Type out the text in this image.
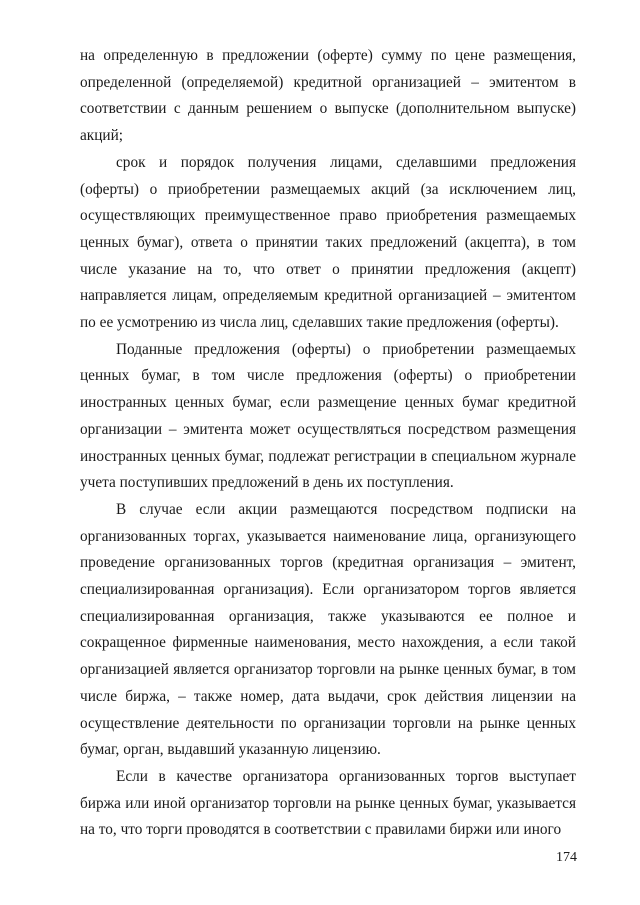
на определенную в предложении (оферте) сумму по цене размещения, определенной (определяемой) кредитной организацией – эмитентом в соответствии с данным решением о выпуске (дополнительном выпуске) акций;

срок и порядок получения лицами, сделавшими предложения (оферты) о приобретении размещаемых акций (за исключением лиц, осуществляющих преимущественное право приобретения размещаемых ценных бумаг), ответа о принятии таких предложений (акцепта), в том числе указание на то, что ответ о принятии предложения (акцепт) направляется лицам, определяемым кредитной организацией – эмитентом по ее усмотрению из числа лиц, сделавших такие предложения (оферты).

Поданные предложения (оферты) о приобретении размещаемых ценных бумаг, в том числе предложения (оферты) о приобретении иностранных ценных бумаг, если размещение ценных бумаг кредитной организации – эмитента может осуществляться посредством размещения иностранных ценных бумаг, подлежат регистрации в специальном журнале учета поступивших предложений в день их поступления.

В случае если акции размещаются посредством подписки на организованных торгах, указывается наименование лица, организующего проведение организованных торгов (кредитная организация – эмитент, специализированная организация). Если организатором торгов является специализированная организация, также указываются ее полное и сокращенное фирменные наименования, место нахождения, а если такой организацией является организатор торговли на рынке ценных бумаг, в том числе биржа, – также номер, дата выдачи, срок действия лицензии на осуществление деятельности по организации торговли на рынке ценных бумаг, орган, выдавший указанную лицензию.

Если в качестве организатора организованных торгов выступает биржа или иной организатор торговли на рынке ценных бумаг, указывается на то, что торги проводятся в соответствии с правилами биржи или иного

174
